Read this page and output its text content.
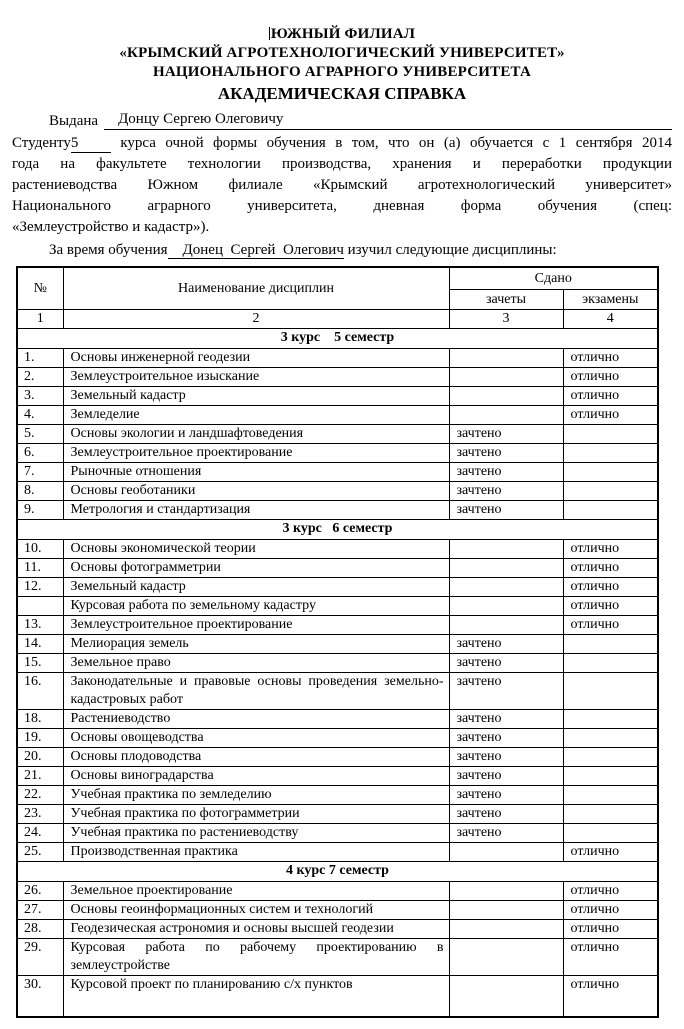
ЮЖНЫЙ ФИЛИАЛ
«КРЫМСКИЙ АГРОТЕХНОЛОГИЧЕСКИЙ УНИВЕРСИТЕТ»
НАЦИОНАЛЬНОГО АГРАРНОГО УНИВЕРСИТЕТА
АКАДЕМИЧЕСКАЯ СПРАВКА
Выдана	Донцу Сергею Олеговичу
Студенту5 курса очной формы обучения в том, что он (а) обучается с 1 сентября 2014
года на факультете технологии производства, хранения и переработки продукции
растениеводства Южном филиале «Крымский агротехнологический университет»
Национального аграрного университета, дневная форма обучения (спец:
«Землеустройство и кадастр»).
За время обучения    Донец  Сергей  Олегович изучил следующие дисциплины:
№	Наименование дисциплин	Сдано	
		зачеты	экзамены
1	2	3	4
3 курс    5 семестр			
1.	Основы инженерной геодезии		отлично
2.	Землеустроительное изыскание		отлично
3.	Земельный кадастр		отлично
4.	Земледелие		отлично
5.	Основы экологии и ландшафтоведения	зачтено	
6.	Землеустроительное проектирование	зачтено	
7.	Рыночные отношения	зачтено	
8.	Основы геоботаники	зачтено	
9.	Метрология и стандартизация	зачтено	
3 курс   6 семестр			
10.	Основы экономической теории		отлично
11.	Основы фотограмметрии		отлично
12.	Земельный кадастр		отлично
	Курсовая работа по земельному кадастру		отлично
13.	Землеустроительное проектирование		отлично
14.	Мелиорация земель	зачтено	
15.	Земельное право	зачтено	
16.	Законодательные и правовые основы проведения земельно-кадастровых работ	зачтено	
18.	Растениеводство	зачтено	
19.	Основы овощеводства	зачтено	
20.	Основы плодоводства	зачтено	
21.	Основы виноградарства	зачтено	
22.	Учебная практика по земледелию	зачтено	
23.	Учебная практика по фотограмметрии	зачтено	
24.	Учебная практика по растениеводству	зачтено	
25.	Производственная практика		отлично
4 курс 7 семестр			
26.	Земельное проектирование		отлично
27.	Основы геоинформационных систем и технологий		отлично
28.	Геодезическая астрономия и основы высшей геодезии		отлично
29.	Курсовая работа по рабочему проектированию в землеустройстве		отлично
30.	Курсовой проект по планированию с/х пунктов		отлично
